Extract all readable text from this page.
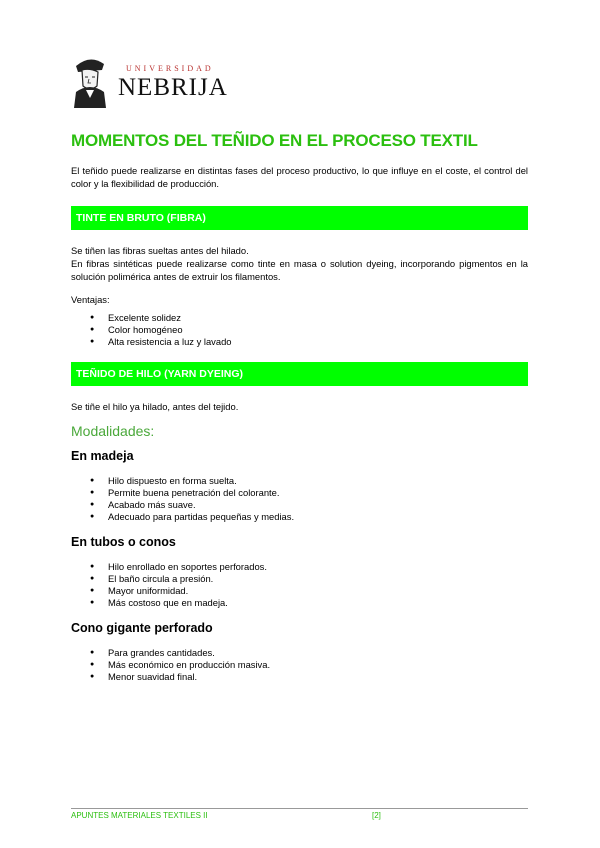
UNIVERSIDAD
NEBRIJA
MOMENTOS DEL TEÑIDO EN EL PROCESO TEXTIL

El teñido puede realizarse en distintas fases del proceso productivo, lo que influye en el coste, el control del color y la flexibilidad de producción.

TINTE EN BRUTO (FIBRA)

Se tiñen las fibras sueltas antes del hilado.

En fibras sintéticas puede realizarse como tinte en masa o solution dyeing, incorporando pigmentos en la solución polimérica antes de extruir los filamentos.

Ventajas:

● Excelente solidez
● Color homogéneo
● Alta resistencia a luz y lavado
TEÑIDO DE HILO (YARN DYEING)

Se tiñe el hilo ya hilado, antes del tejido.

Modalidades:
En madeja
● Hilo dispuesto en forma suelta.
● Permite buena penetración del colorante.
● Acabado más suave.
● Adecuado para partidas pequeñas y medias.
En tubos o conos
● Hilo enrollado en soportes perforados.
● El baño circula a presión.
● Mayor uniformidad.
● Más costoso que en madeja.
Cono gigante perforado
● Para grandes cantidades.
● Más económico en producción masiva.
● Menor suavidad final.
APUNTES MATERIALES TEXTILES II	[2]
